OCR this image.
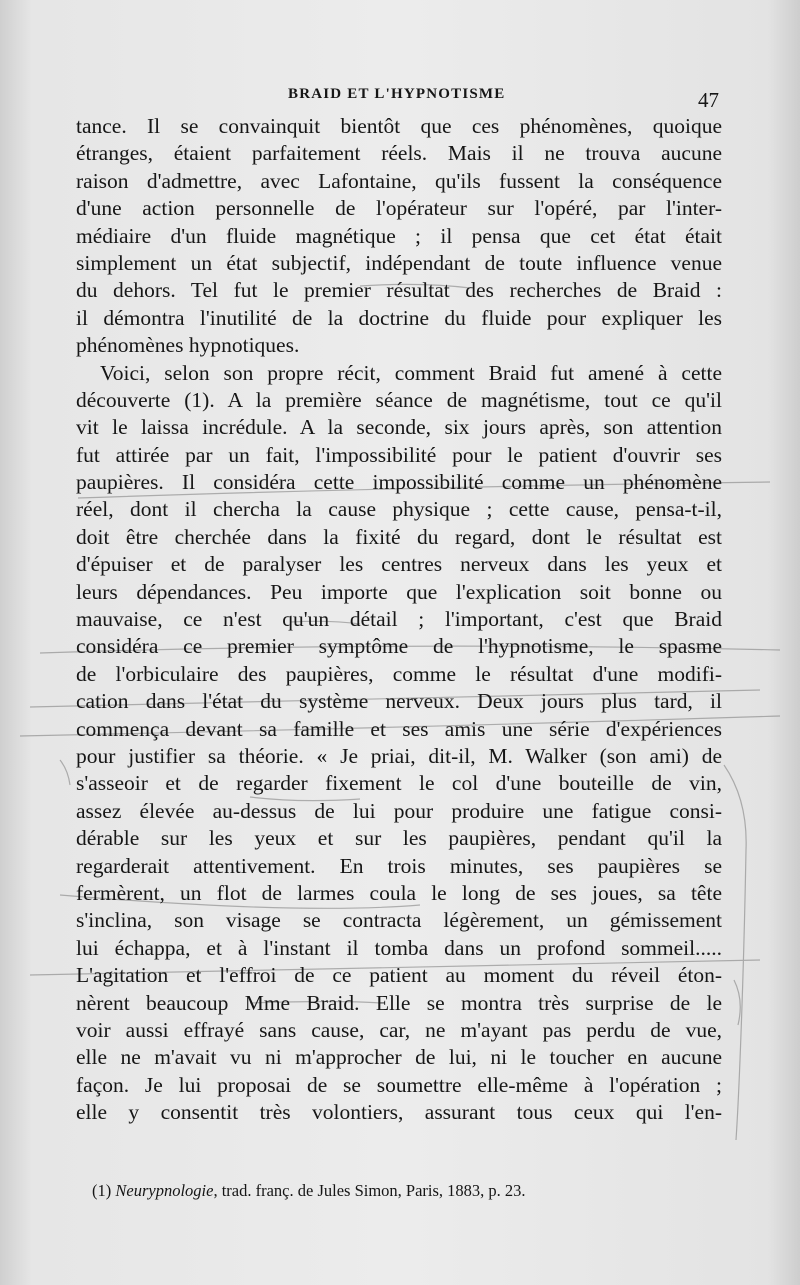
BRAID ET L'HYPNOTISME	47
tance. Il se convainquit bientôt que ces phénomènes, quoique
étranges, étaient parfaitement réels. Mais il ne trouva aucune
raison d'admettre, avec Lafontaine, qu'ils fussent la conséquence
d'une action personnelle de l'opérateur sur l'opéré, par l'inter-
médiaire d'un fluide magnétique ; il pensa que cet état était
simplement un état subjectif, indépendant de toute influence venue
du dehors. Tel fut le premier résultat des recherches de Braid :
il démontra l'inutilité de la doctrine du fluide pour expliquer les
phénomènes hypnotiques.
Voici, selon son propre récit, comment Braid fut amené à cette
découverte (1). A la première séance de magnétisme, tout ce qu'il
vit le laissa incrédule. A la seconde, six jours après, son attention
fut attirée par un fait, l'impossibilité pour le patient d'ouvrir ses
paupières. Il considéra cette impossibilité comme un phénomène
réel, dont il chercha la cause physique ; cette cause, pensa-t-il,
doit être cherchée dans la fixité du regard, dont le résultat est
d'épuiser et de paralyser les centres nerveux dans les yeux et
leurs dépendances. Peu importe que l'explication soit bonne ou
mauvaise, ce n'est qu'un détail ; l'important, c'est que Braid
considéra ce premier symptôme de l'hypnotisme, le spasme
de l'orbiculaire des paupières, comme le résultat d'une modifi-
cation dans l'état du système nerveux. Deux jours plus tard, il
commença devant sa famille et ses amis une série d'expériences
pour justifier sa théorie. « Je priai, dit-il, M. Walker (son ami) de
s'asseoir et de regarder fixement le col d'une bouteille de vin,
assez élevée au-dessus de lui pour produire une fatigue consi-
dérable sur les yeux et sur les paupières, pendant qu'il la
regarderait attentivement. En trois minutes, ses paupières se
fermèrent, un flot de larmes coula le long de ses joues, sa tête
s'inclina, son visage se contracta légèrement, un gémissement
lui échappa, et à l'instant il tomba dans un profond sommeil.....
L'agitation et l'effroi de ce patient au moment du réveil éton-
nèrent beaucoup Mme Braid. Elle se montra très surprise de le
voir aussi effrayé sans cause, car, ne m'ayant pas perdu de vue,
elle ne m'avait vu ni m'approcher de lui, ni le toucher en aucune
façon. Je lui proposai de se soumettre elle-même à l'opération ;
elle y consentit très volontiers, assurant tous ceux qui l'en-
(1) Neurypnologie, trad. franç. de Jules Simon, Paris, 1883, p. 23.
